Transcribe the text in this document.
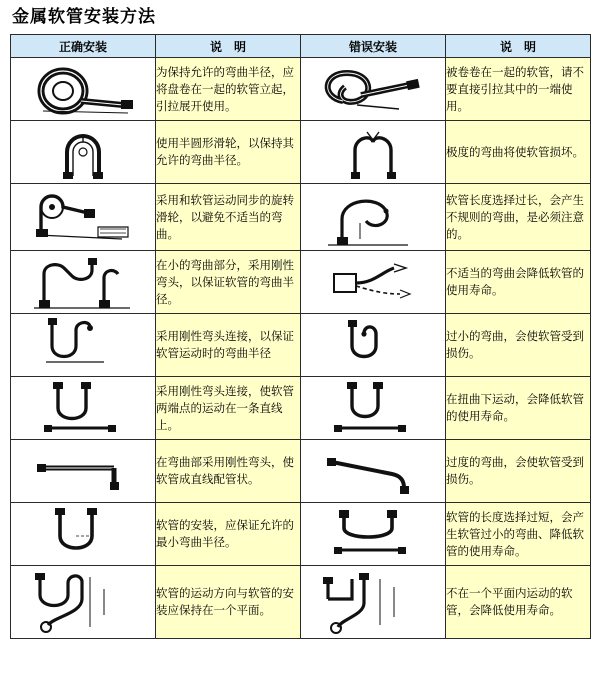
金属软管安装方法
正确安装	说　明	错误安装	说　明

	为保持允许的弯曲半径，应将盘卷在一起的软管立起，引拉展开使用。		被卷卷在一起的软管，请不要直接引拉其中的一端使用。

	使用半圆形滑轮，以保持其允许的弯曲半径。		极度的弯曲将使软管损坏。

	采用和软管运动同步的旋转滑轮，以避免不适当的弯曲。		软管长度选择过长，会产生不规则的弯曲，是必须注意的。

	在小的弯曲部分，采用刚性弯头，以保证软管的弯曲半径。		不适当的弯曲会降低软管的使用寿命。

	采用刚性弯头连接，以保证软管运动时的弯曲半径		过小的弯曲，会使软管受到损伤。

	采用刚性弯头连接，使软管两端点的运动在一条直线上。		在扭曲下运动，会降低软管的使用寿命。

	在弯曲部采用刚性弯头，使软管成直线配管状。		过度的弯曲，会使软管受到损伤。

	软管的安装，应保证允许的最小弯曲半径。		软管的长度选择过短，会产生软管过小的弯曲、降低软管的使用寿命。

	软管的运动方向与软管的安装应保持在一个平面。		不在一个平面内运动的软管，会降低使用寿命。
